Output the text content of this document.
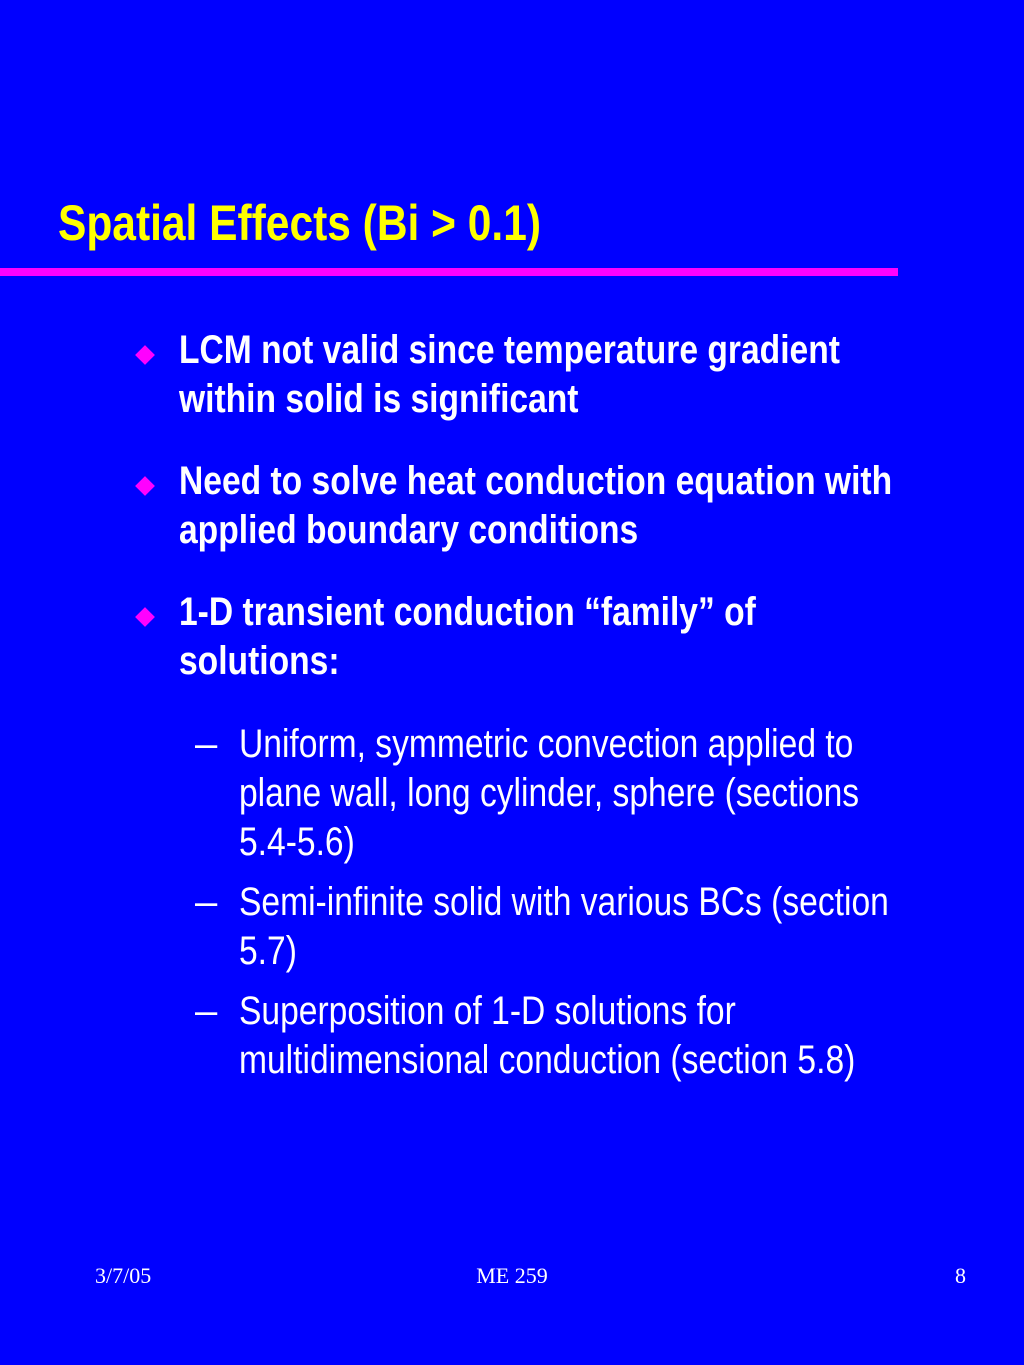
Spatial Effects (Bi > 0.1)
LCM not valid since temperature gradient within solid is significant
Need to solve heat conduction equation with applied boundary conditions
1-D transient conduction “family” of solutions:
– Uniform, symmetric convection applied to plane wall, long cylinder, sphere (sections 5.4-5.6)
– Semi-infinite solid with various BCs (section 5.7)
– Superposition of 1-D solutions for multidimensional conduction (section 5.8)
3/7/05	ME 259	8
